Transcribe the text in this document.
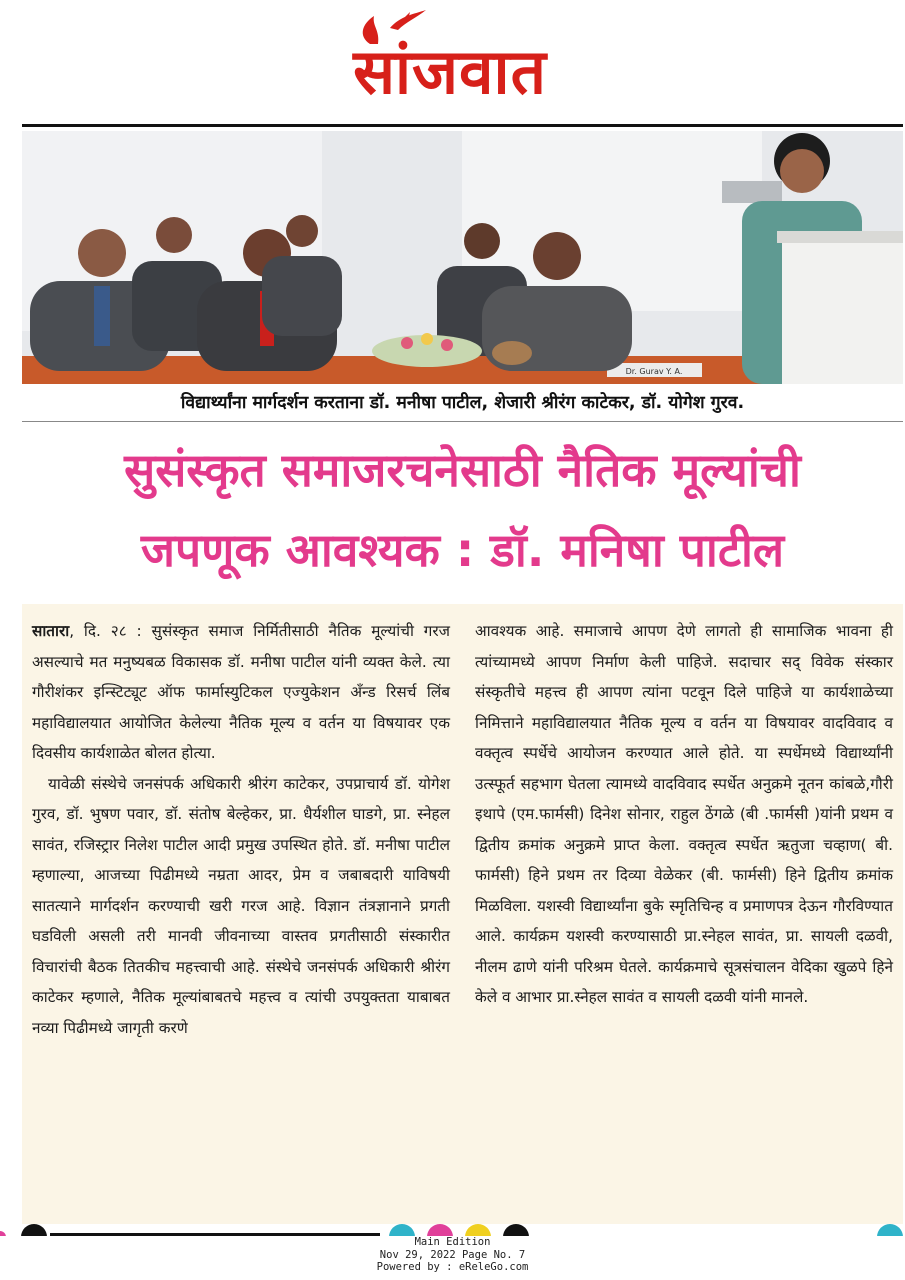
सांजवात
Dr. Gurav Y. A.
विद्यार्थ्यांना मार्गदर्शन करताना डॉ. मनीषा पाटील, शेजारी श्रीरंग काटेकर, डॉ. योगेश गुरव.
सुसंस्कृत समाजरचनेसाठी नैतिक मूल्यांची
जपणूक आवश्यक : डॉ. मनिषा पाटील

सातारा, दि. २८ : सुसंस्कृत समाज निर्मितीसाठी नैतिक मूल्यांची गरज असल्याचे मत मनुष्यबळ विकासक डॉ. मनीषा पाटील यांनी व्यक्त केले. त्या गौरीशंकर इन्स्टिट्यूट ऑफ फार्मास्युटिकल एज्युकेशन अँन्ड रिसर्च लिंब महाविद्यालयात आयोजित केलेल्या नैतिक मूल्य व वर्तन या विषयावर एक दिवसीय कार्यशाळेत बोलत होत्या.

यावेळी संस्थेचे जनसंपर्क अधिकारी श्रीरंग काटेकर, उपप्राचार्य डॉ. योगेश गुरव, डॉ. भुषण पवार, डॉ. संतोष बेल्हेकर, प्रा. धैर्यशील घाडगे, प्रा. स्नेहल सावंत, रजिस्ट्रार निलेश पाटील आदी प्रमुख उपस्थित होते. डॉ. मनीषा पाटील म्हणाल्या, आजच्या पिढीमध्ये नम्रता आदर, प्रेम व जबाबदारी याविषयी सातत्याने मार्गदर्शन करण्याची खरी गरज आहे. विज्ञान तंत्रज्ञानाने प्रगती घडविली असली तरी मानवी जीवनाच्या वास्तव प्रगतीसाठी संस्कारीत विचारांची बैठक तितकीच महत्त्वाची आहे. संस्थेचे जनसंपर्क अधिकारी श्रीरंग काटेकर म्हणाले, नैतिक मूल्यांबाबतचे महत्त्व व त्यांची उपयुक्तता याबाबत नव्या पिढीमध्ये जागृती करणे

आवश्यक आहे. समाजाचे आपण देणे लागतो ही सामाजिक भावना ही त्यांच्यामध्ये आपण निर्माण केली पाहिजे. सदाचार सद् विवेक संस्कार संस्कृतीचे महत्त्व ही आपण त्यांना पटवून दिले पाहिजे या कार्यशाळेच्या निमित्ताने महाविद्यालयात नैतिक मूल्य व वर्तन या विषयावर वादविवाद व वक्तृत्व स्पर्धेचे आयोजन करण्यात आले होते. या स्पर्धेमध्ये विद्यार्थ्यांनी उत्स्फूर्त सहभाग घेतला त्यामध्ये वादविवाद स्पर्धेत अनुक्रमे नूतन कांबळे,गौरी इथापे (एम.फार्मसी) दिनेश सोनार, राहुल ठेंगळे (बी .फार्मसी )यांनी प्रथम व द्वितीय क्रमांक अनुक्रमे प्राप्त केला. वक्तृत्व स्पर्धेत ऋतुजा चव्हाण( बी. फार्मसी) हिने प्रथम तर दिव्या वेळेकर (बी. फार्मसी) हिने द्वितीय क्रमांक मिळविला. यशस्वी विद्यार्थ्यांना बुके स्मृतिचिन्ह व प्रमाणपत्र देऊन गौरविण्यात आले. कार्यक्रम यशस्वी करण्यासाठी प्रा.स्नेहल सावंत, प्रा. सायली दळवी, नीलम ढाणे यांनी परिश्रम घेतले. कार्यक्रमाचे सूत्रसंचालन वेदिका खुळपे हिने केले व आभार प्रा.स्नेहल सावंत व सायली दळवी यांनी मानले.

Main Edition
Nov 29, 2022 Page No. 7
Powered by : eReleGo.com
